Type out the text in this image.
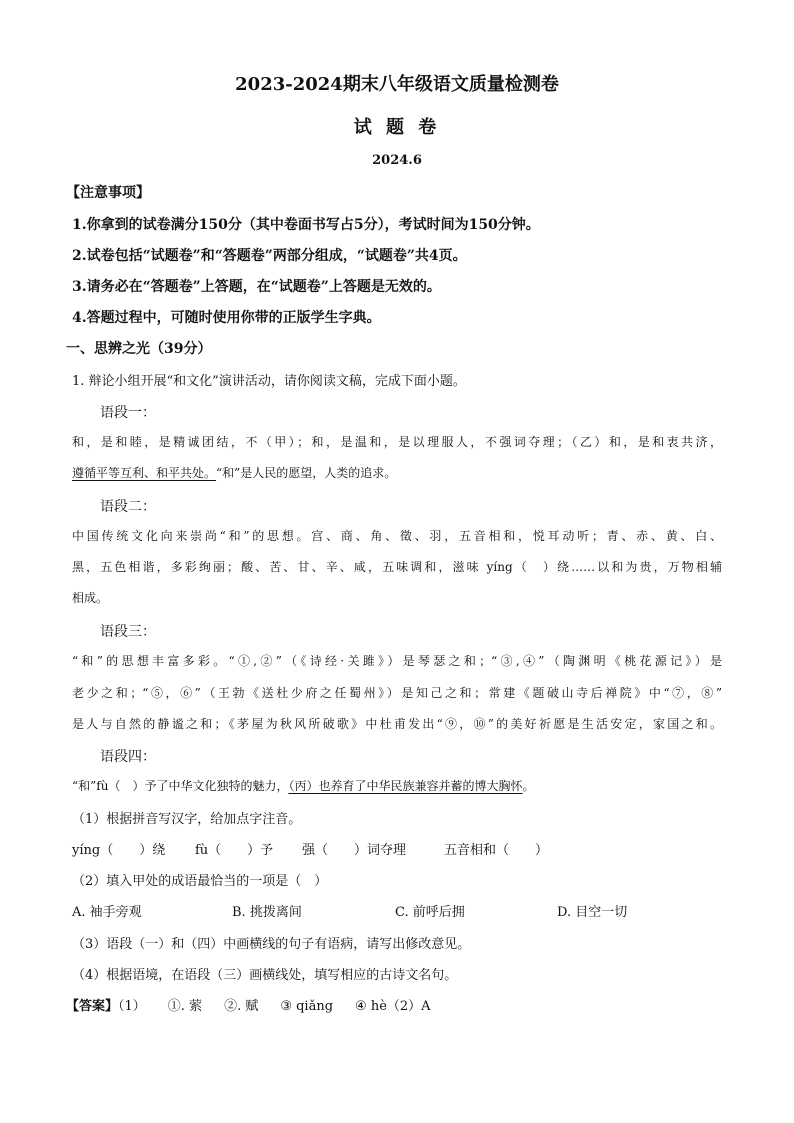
2023-2024期末八年级语文质量检测卷
试 题 卷
2024.6
【注意事项】
1.你拿到的试卷满分150分（其中卷面书写占5分），考试时间为150分钟。
2.试卷包括“试题卷”和“答题卷”两部分组成，“试题卷”共4页。
3.请务必在“答题卷”上答题，在“试题卷”上答题是无效的。
4.答题过程中，可随时使用你带的正版学生字典。
一、思辨之光（39分）
1. 辩论小组开展“和文化”演讲活动，请你阅读文稿，完成下面小题。
语段一：
和，是和睦，是精诚团结，不（甲）；和，是温和，是以理服人，不强词夺理；（乙）和，是和衷共济，
遵循平等互利、和平共处。“和”是人民的愿望，人类的追求。
语段二：
中国传统文化向来崇尚“和”的思想。宫、商、角、徵、羽，五音相和，悦耳动听；青、赤、黄、白、
黑，五色相谐，多彩绚丽；酸、苦、甘、辛、咸，五味调和，滋味 yíng（　）绕……以和为贵，万物相辅
相成。
语段三：
“和”的思想丰富多彩。“①,②”（《诗经·关雎》）是琴瑟之和；“③,④”（陶渊明《桃花源记》）是
老少之和；“⑤，⑥”（王勃《送杜少府之任蜀州》）是知己之和；常建《题破山寺后禅院》中“⑦，⑧”
是人与自然的静谧之和；《茅屋为秋风所破歌》中杜甫发出“⑨，⑩”的美好祈愿是生活安定，家国之和。
语段四：
“和”fù（　）予了中华文化独特的魅力，（丙）也养育了中华民族兼容并蓄的博大胸怀。
（1）根据拼音写汉字，给加点字注音。
yíng（　　）绕 fù（　　）予 强（　　）词夺理	五音相和（　　）
（2）填入甲处的成语最恰当的一项是（　）
A. 袖手旁观	B. 挑拨离间	C. 前呼后拥	D. 目空一切
（3）语段（一）和（四）中画横线的句子有语病，请写出修改意见。
（4）根据语境，在语段（三）画横线处，填写相应的古诗文名句。
【答案】（1） ①. 萦 ②. 赋 ③ qiǎng ④ hè（2）A
